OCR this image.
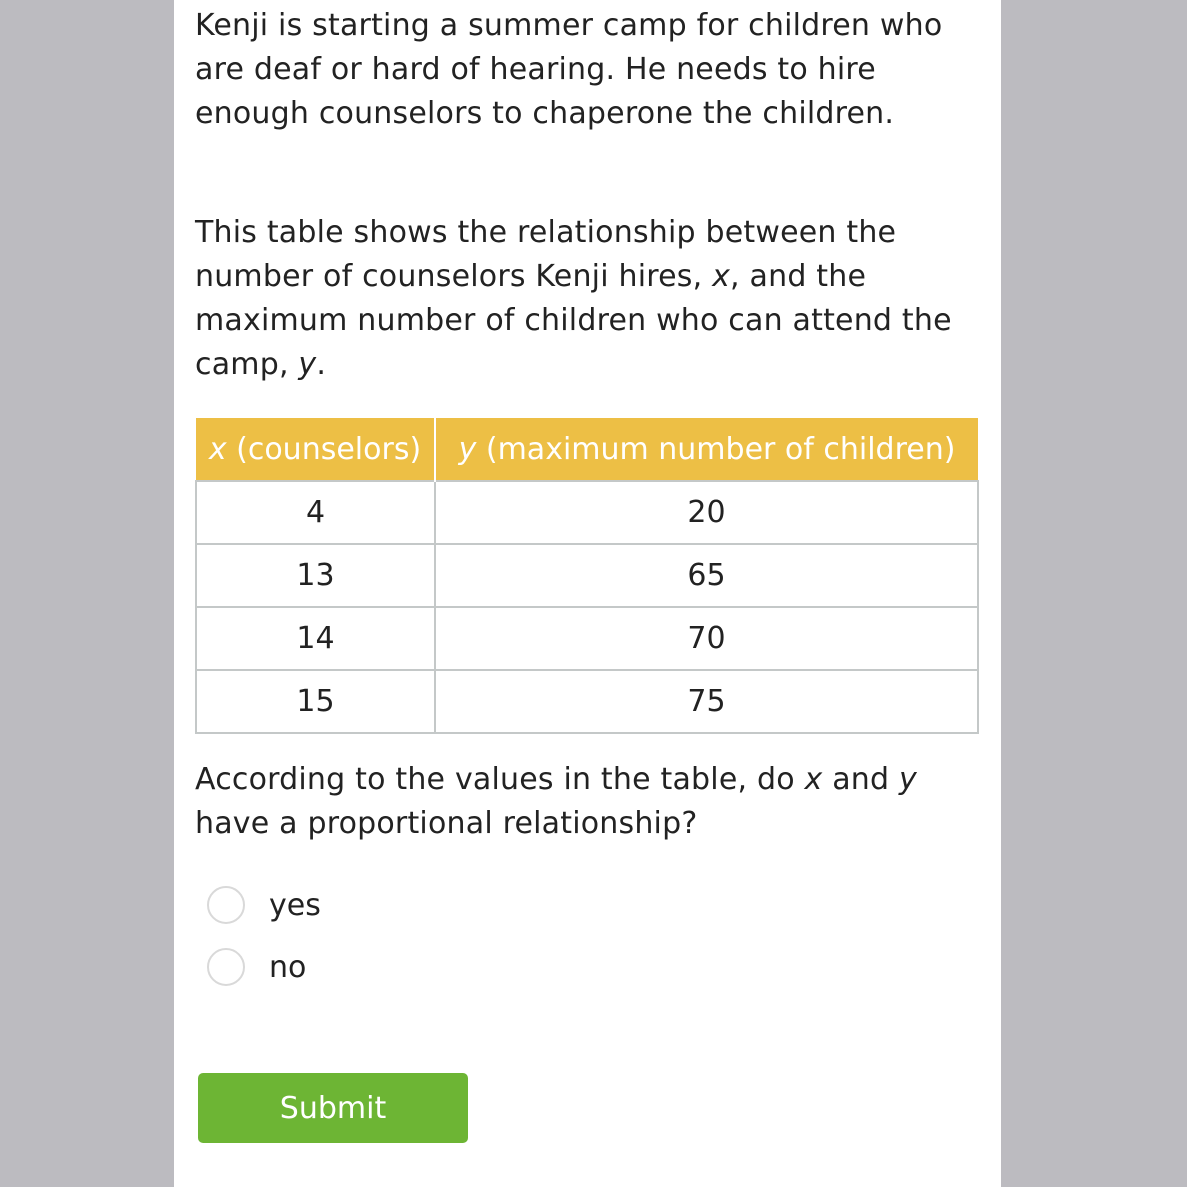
Kenji is starting a summer camp for children who are deaf or hard of hearing. He needs to hire enough counselors to chaperone the children.

This table shows the relationship between the number of counselors Kenji hires, x, and the maximum number of children who can attend the camp, y.

x (counselors)	y (maximum number of children)
4	20
13	65
14	70
15	75

According to the values in the table, do x and y have a proportional relationship?

yes
no
Submit
